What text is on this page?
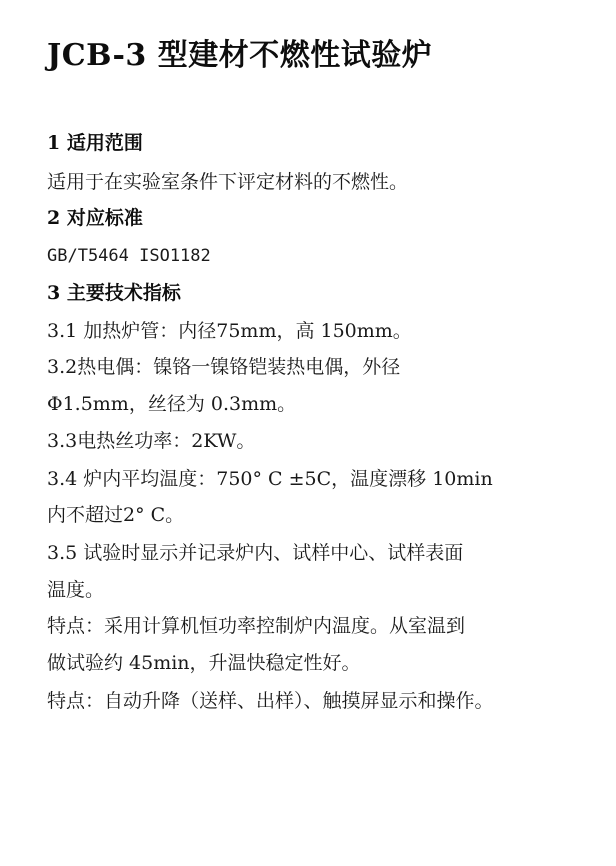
JCB-3 型建材不燃性试验炉

1 适用范围

适用于在实验室条件下评定材料的不燃性。

2 对应标准

GB/T5464 ISO1182

3 主要技术指标

3.1 加热炉管：内径75mm，高 150mm。

3.2热电偶：镍铬一镍铬铠装热电偶，外径

Φ1.5mm，丝径为 0.3mm。

3.3电热丝功率：2KW。

3.4 炉内平均温度：750° C ±5C，温度漂移 10min

内不超过2° C。

3.5 试验时显示并记录炉内、试样中心、试样表面

温度。

特点：采用计算机恒功率控制炉内温度。从室温到

做试验约 45min，升温快稳定性好。

特点：自动升降（送样、出样）、触摸屏显示和操作。
